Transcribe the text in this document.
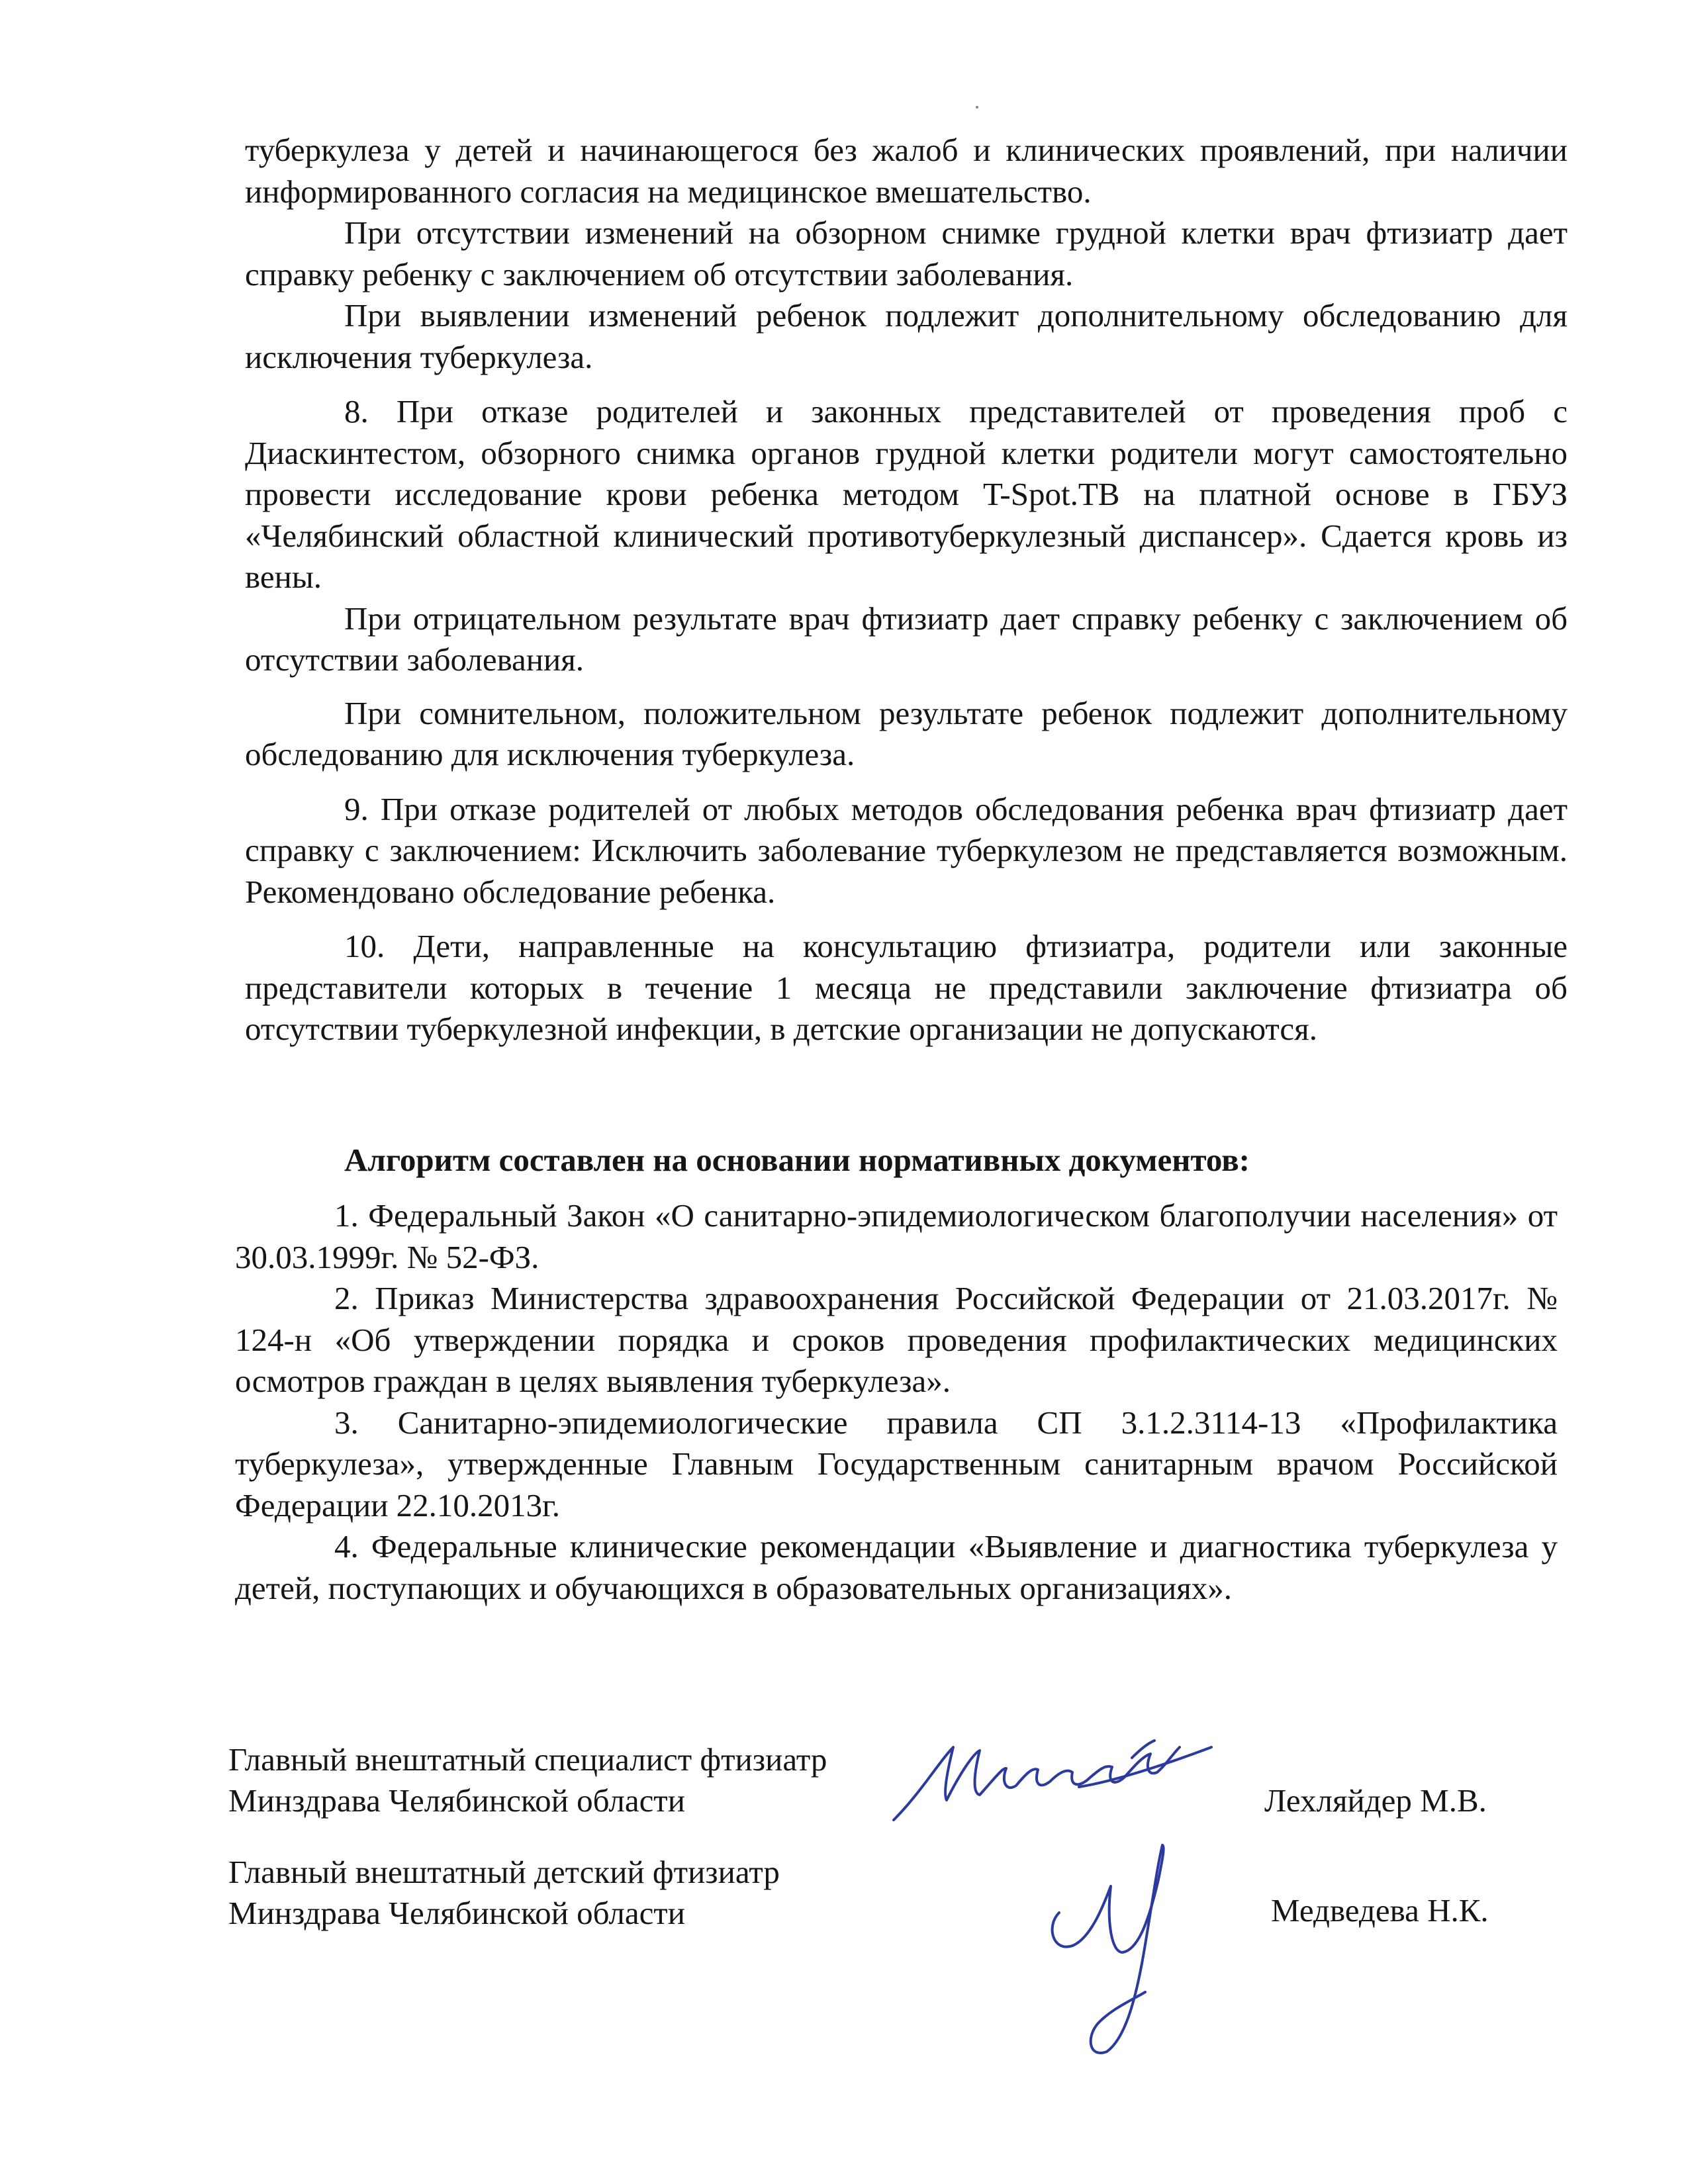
туберкулеза у детей и начинающегося без жалоб и клинических проявлений, при наличии информированного согласия на медицинское вмешательство.

При отсутствии изменений на обзорном снимке грудной клетки врач фтизиатр дает справку ребенку с заключением об отсутствии заболевания.

При выявлении изменений ребенок подлежит дополнительному обследованию для исключения туберкулеза.

8. При отказе родителей и законных представителей от проведения проб с Диаскинтестом, обзорного снимка органов грудной клетки родители могут самостоятельно провести исследование крови ребенка методом T-Spot.TB на платной основе в ГБУЗ «Челябинский областной клинический противотуберкулезный диспансер». Сдается кровь из вены.

При отрицательном результате врач фтизиатр дает справку ребенку с заключением об отсутствии заболевания.

При сомнительном, положительном результате ребенок подлежит дополнительному обследованию для исключения туберкулеза.

9. При отказе родителей от любых методов обследования ребенка врач фтизиатр дает справку с заключением: Исключить заболевание туберкулезом не представляется возможным. Рекомендовано обследование ребенка.

10. Дети, направленные на консультацию фтизиатра, родители или законные представители которых в течение 1 месяца не представили заключение фтизиатра об отсутствии туберкулезной инфекции, в детские организации не допускаются.

Алгоритм составлен на основании нормативных документов:

1. Федеральный Закон «О санитарно-эпидемиологическом благополучии населения» от 30.03.1999г. № 52-ФЗ.

2. Приказ Министерства здравоохранения Российской Федерации от 21.03.2017г. № 124-н «Об утверждении порядка и сроков проведения профилактических медицинских осмотров граждан в целях выявления туберкулеза».

3. Санитарно-эпидемиологические правила СП 3.1.2.3114-13 «Профилактика туберкулеза», утвержденные Главным Государственным санитарным врачом Российской Федерации 22.10.2013г.

4. Федеральные клинические рекомендации «Выявление и диагностика туберкулеза у детей, поступающих и обучающихся в образовательных организациях».

Главный внештатный специалист фтизиатр
Минздрава Челябинской области	Лехляйдер М.В.
Главный внештатный детский фтизиатр
Минздрава Челябинской области	Медведева Н.К.
